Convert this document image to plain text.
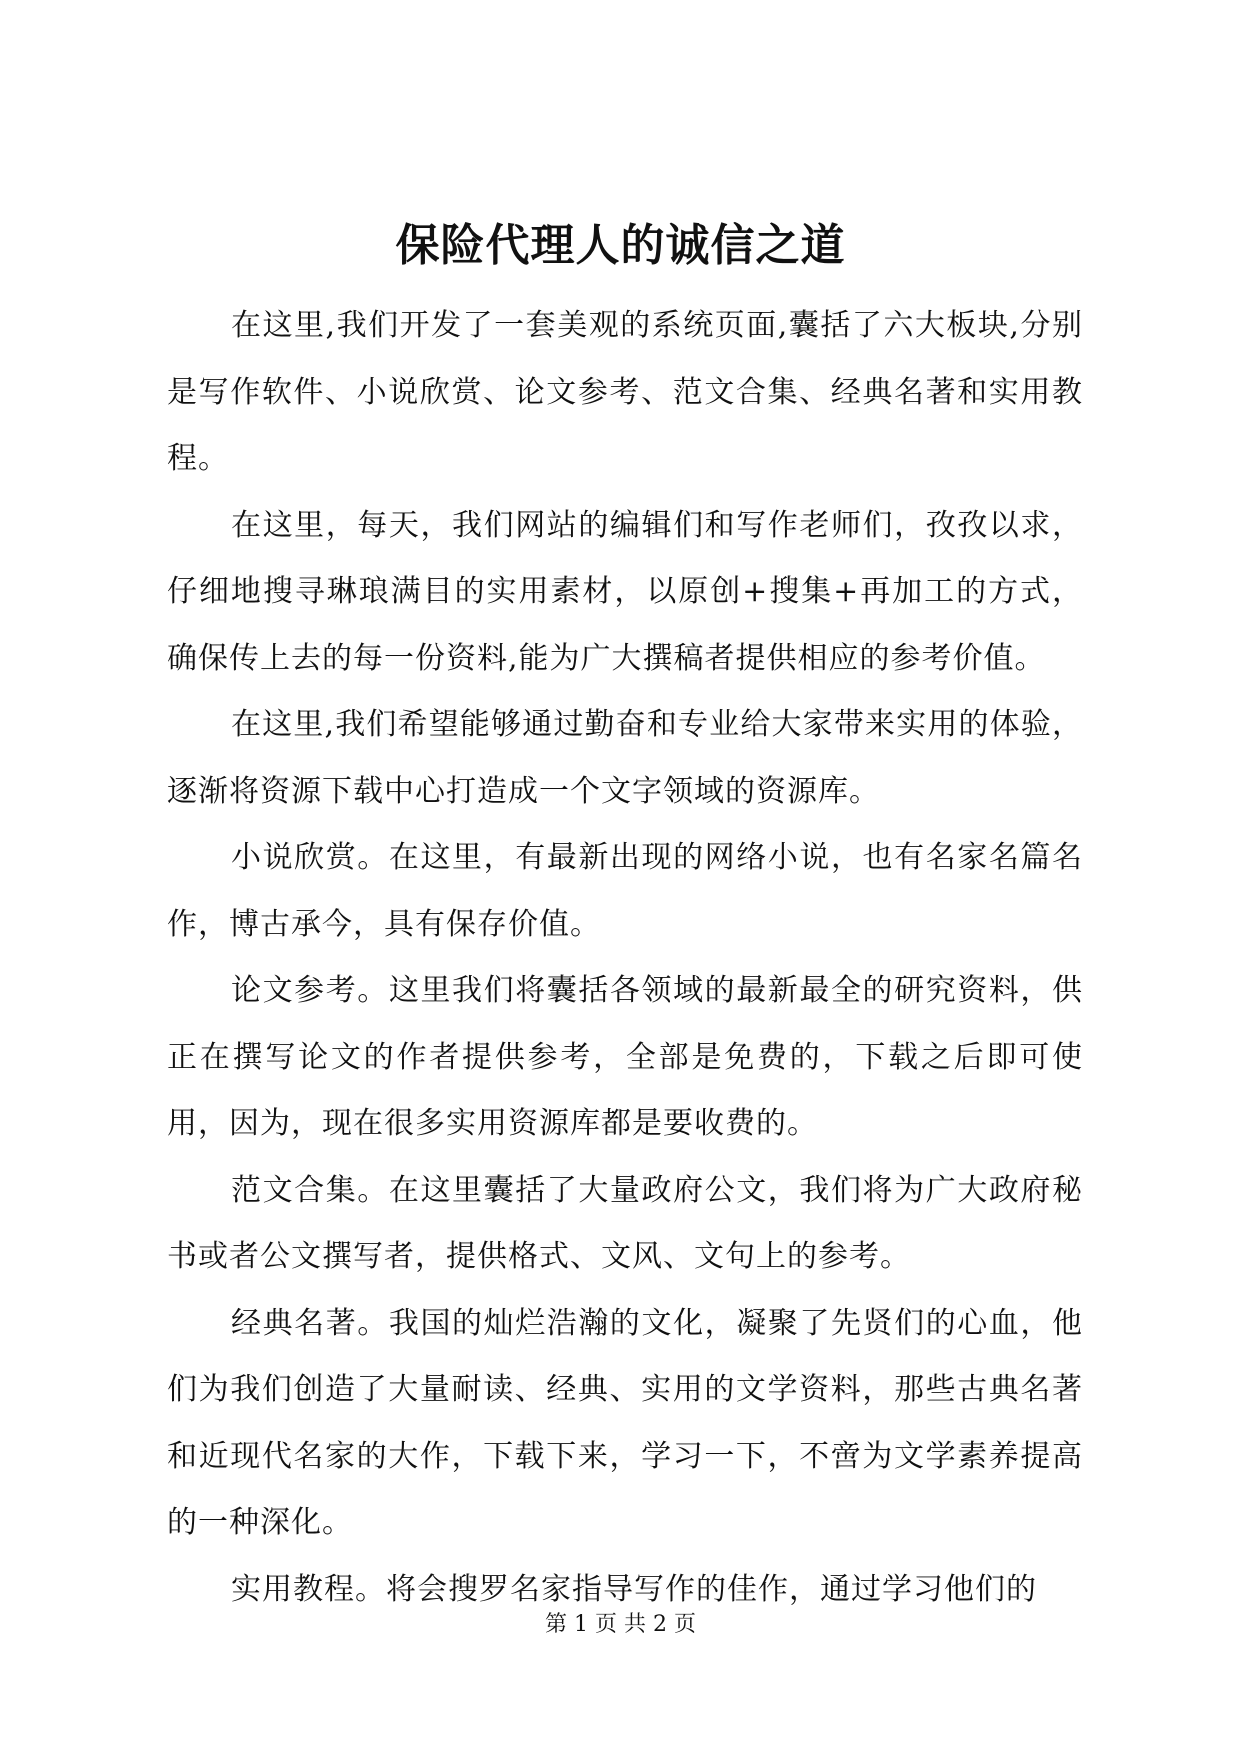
保险代理人的诚信之道

在这里,我们开发了一套美观的系统页面,囊括了六大板块,分别是写作软件、小说欣赏、论文参考、范文合集、经典名著和实用教程。

在这里，每天，我们网站的编辑们和写作老师们，孜孜以求，仔细地搜寻琳琅满目的实用素材，以原创+搜集+再加工的方式，确保传上去的每一份资料,能为广大撰稿者提供相应的参考价值。

在这里,我们希望能够通过勤奋和专业给大家带来实用的体验，逐渐将资源下载中心打造成一个文字领域的资源库。

小说欣赏。在这里，有最新出现的网络小说，也有名家名篇名作，博古承今，具有保存价值。

论文参考。这里我们将囊括各领域的最新最全的研究资料，供正在撰写论文的作者提供参考，全部是免费的，下载之后即可使用，因为，现在很多实用资源库都是要收费的。

范文合集。在这里囊括了大量政府公文，我们将为广大政府秘书或者公文撰写者，提供格式、文风、文句上的参考。

经典名著。我国的灿烂浩瀚的文化，凝聚了先贤们的心血，他们为我们创造了大量耐读、经典、实用的文学资料，那些古典名著和近现代名家的大作，下载下来，学习一下，不啻为文学素养提高的一种深化。

实用教程。将会搜罗名家指导写作的佳作，通过学习他们的

第 1 页 共 2 页
